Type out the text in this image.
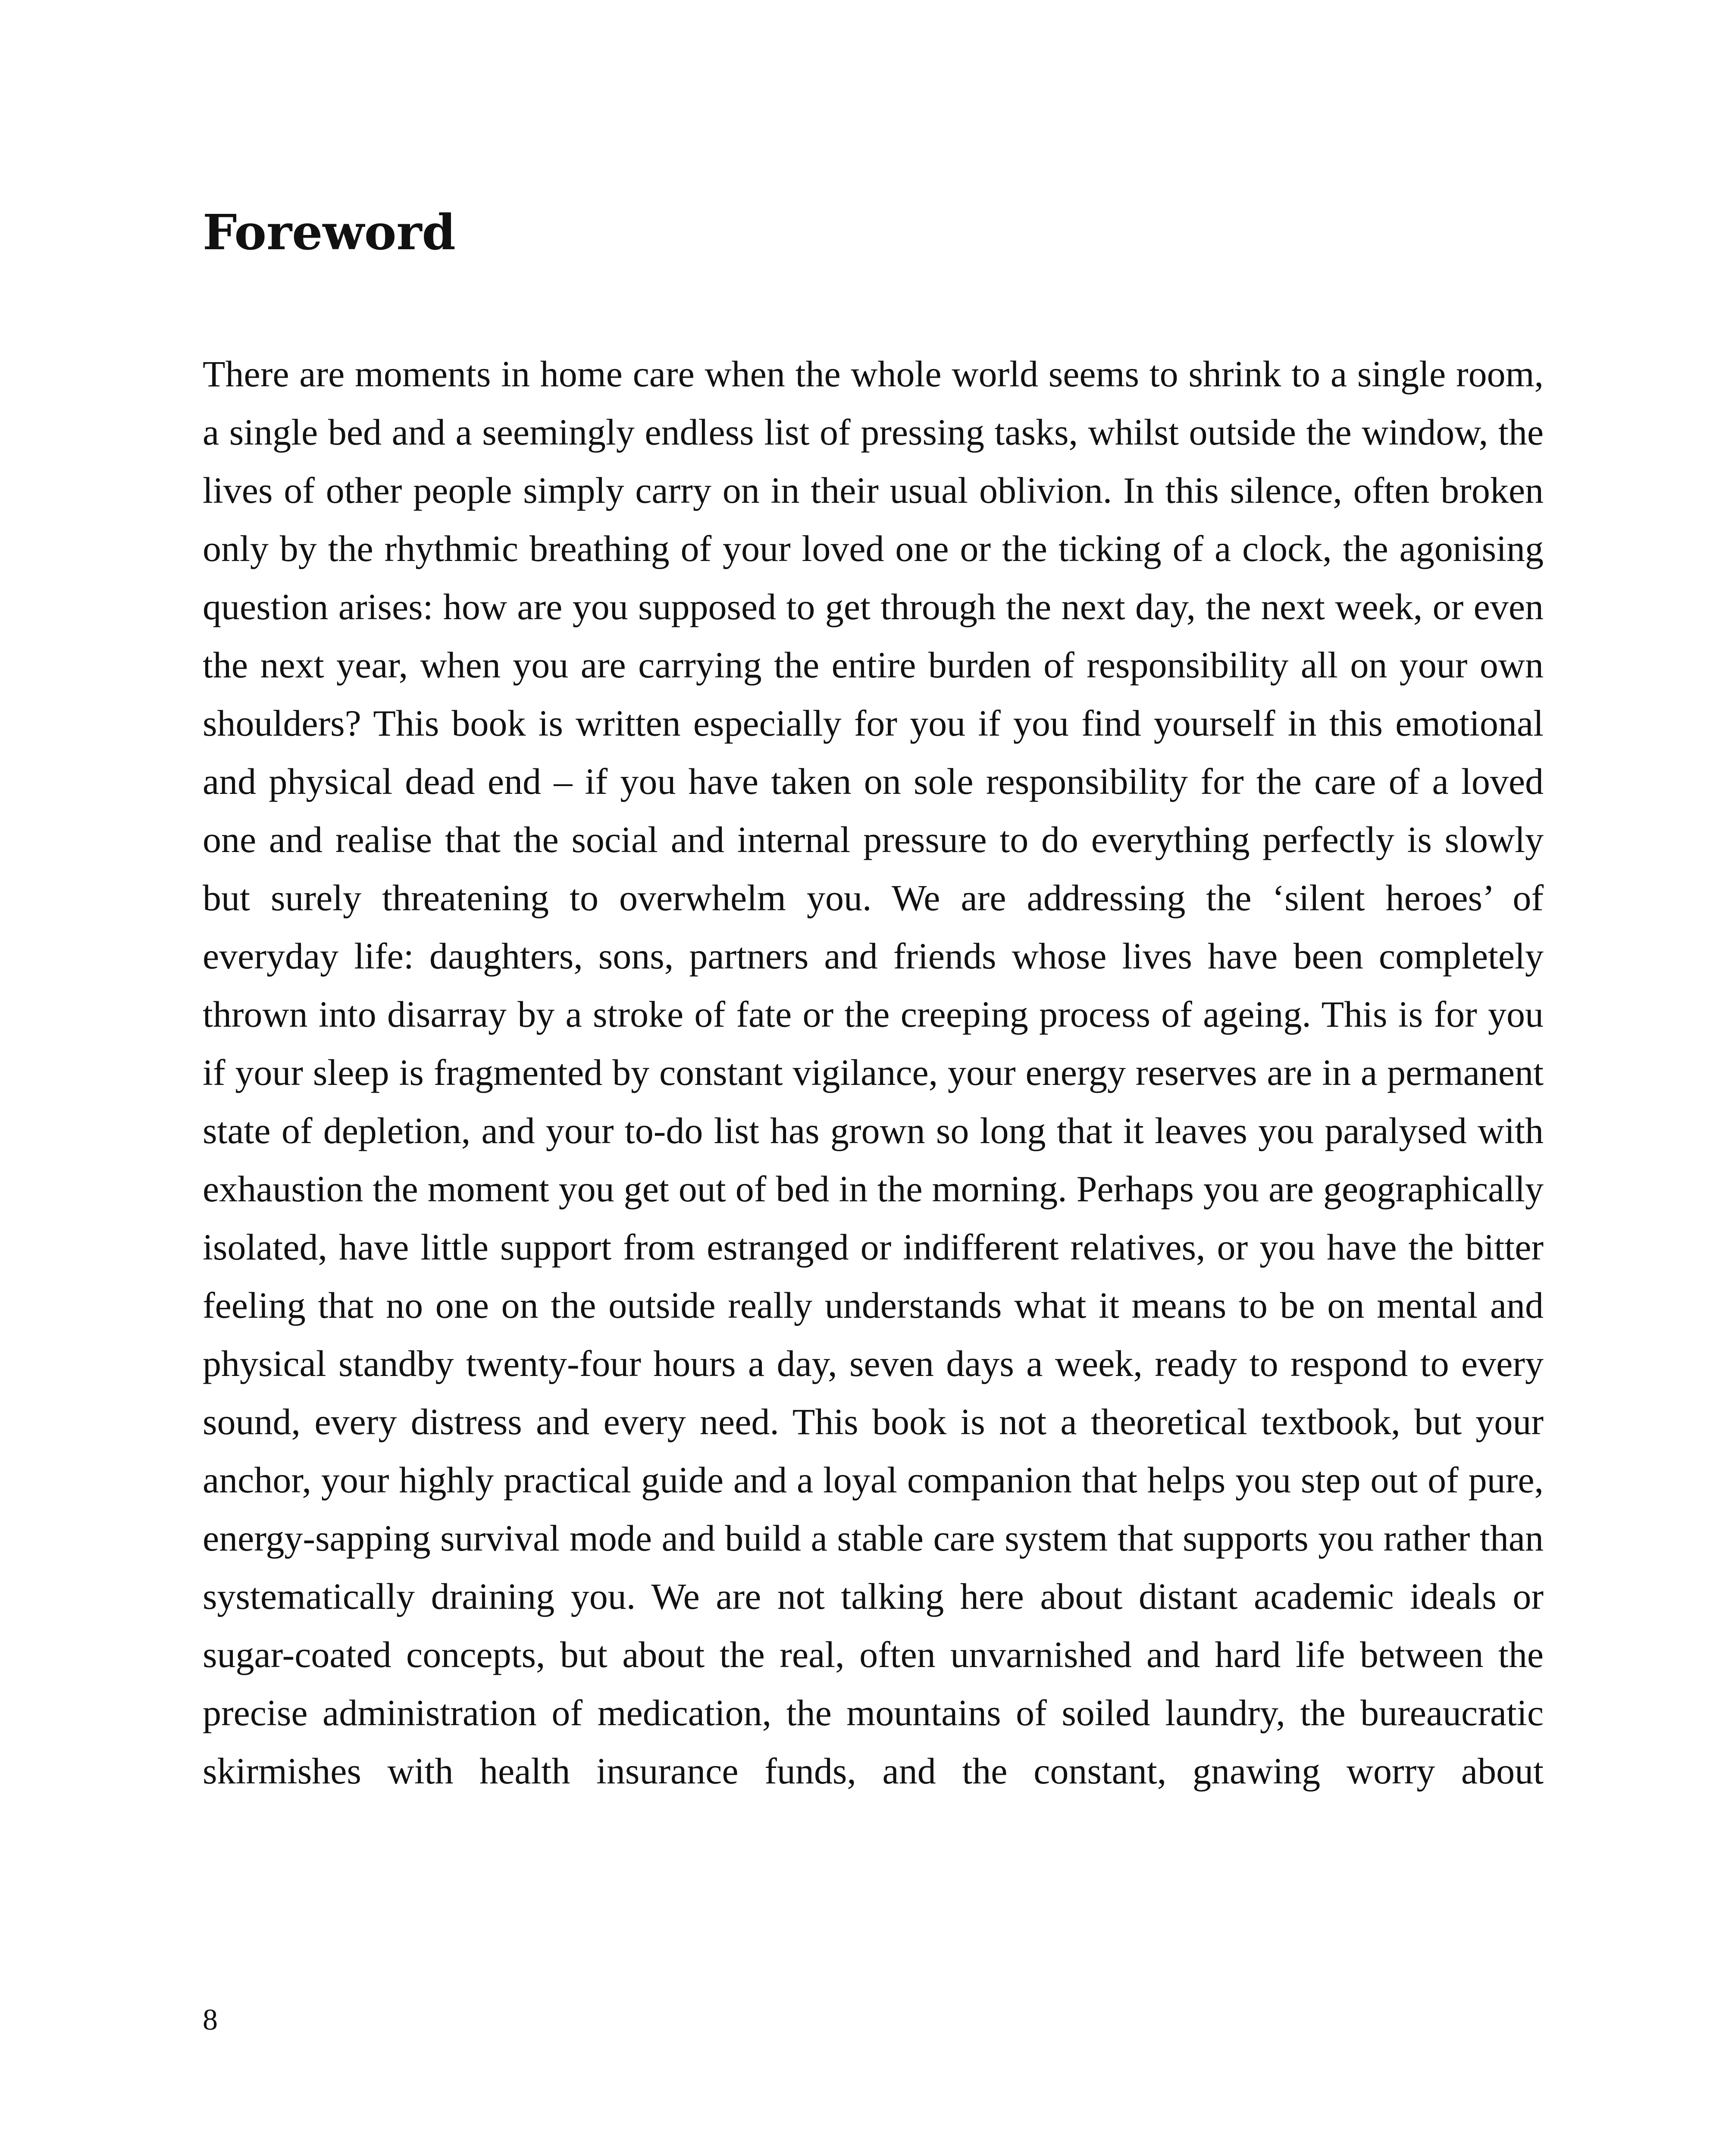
Foreword

There are moments in home care when the whole world seems to shrink to a single room, a single bed and a seemingly endless list of pressing tasks, whilst outside the window, the lives of other people simply carry on in their usual oblivion. In this silence, often broken only by the rhythmic breathing of your loved one or the ticking of a clock, the agonising question arises: how are you supposed to get through the next day, the next week, or even the next year, when you are carrying the entire burden of responsibility all on your own shoulders? This book is written especially for you if you find yourself in this emotional and physical dead end – if you have taken on sole responsibility for the care of a loved one and realise that the social and internal pressure to do everything perfectly is slowly but surely threatening to overwhelm you. We are addressing the ‘silent heroes’ of everyday life: daughters, sons, partners and friends whose lives have been completely thrown into disarray by a stroke of fate or the creeping process of ageing. This is for you if your sleep is fragmented by constant vigilance, your energy reserves are in a permanent state of depletion, and your to-do list has grown so long that it leaves you paralysed with exhaustion the moment you get out of bed in the morning. Perhaps you are geographically isolated, have little support from estranged or indifferent relatives, or you have the bitter feeling that no one on the outside really understands what it means to be on mental and physical standby twenty-four hours a day, seven days a week, ready to respond to every sound, every distress and every need. This book is not a theoretical textbook, but your anchor, your highly practical guide and a loyal companion that helps you step out of pure, energy-sapping survival mode and build a stable care system that supports you rather than systematically draining you. We are not talking here about distant academic ideals or sugar-coated concepts, but about the real, often unvarnished and hard life between the precise administration of medication, the mountains of soiled laundry, the bureaucratic skirmishes with health insurance funds, and the constant, gnawing worry about

8
